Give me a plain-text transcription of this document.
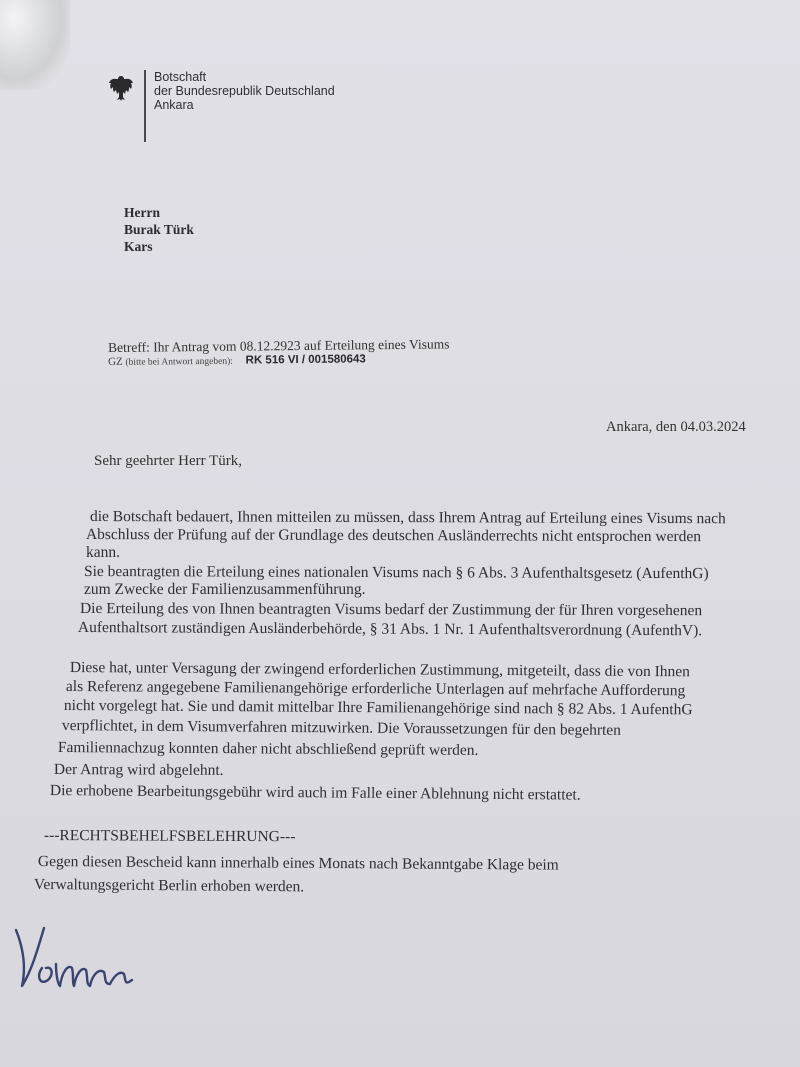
Botschaft
der Bundesrepublik Deutschland
Ankara
Herrn
Burak Türk
Kars
Betreff: Ihr Antrag vom 08.12.2923 auf Erteilung eines Visums
GZ (bitte bei Antwort angeben): RK 516 VI / 001580643
Ankara, den 04.03.2024
Sehr geehrter Herr Türk,
die Botschaft bedauert, Ihnen mitteilen zu müssen, dass Ihrem Antrag auf Erteilung eines Visums nach
Abschluss der Prüfung auf der Grundlage des deutschen Ausländerrechts nicht entsprochen werden
kann.
Sie beantragten die Erteilung eines nationalen Visums nach § 6 Abs. 3 Aufenthaltsgesetz (AufenthG)
zum Zwecke der Familienzusammenführung.
Die Erteilung des von Ihnen beantragten Visums bedarf der Zustimmung der für Ihren vorgesehenen
Aufenthaltsort zuständigen Ausländerbehörde, § 31 Abs. 1 Nr. 1 Aufenthaltsverordnung (AufenthV).
Diese hat, unter Versagung der zwingend erforderlichen Zustimmung, mitgeteilt, dass die von Ihnen
als Referenz angegebene Familienangehörige erforderliche Unterlagen auf mehrfache Aufforderung
nicht vorgelegt hat. Sie und damit mittelbar Ihre Familienangehörige sind nach § 82 Abs. 1 AufenthG
verpflichtet, in dem Visumverfahren mitzuwirken. Die Voraussetzungen für den begehrten
Familiennachzug konnten daher nicht abschließend geprüft werden.
Der Antrag wird abgelehnt.
Die erhobene Bearbeitungsgebühr wird auch im Falle einer Ablehnung nicht erstattet.
---RECHTSBEHELFSBELEHRUNG---
Gegen diesen Bescheid kann innerhalb eines Monats nach Bekanntgabe Klage beim
Verwaltungsgericht Berlin erhoben werden.
